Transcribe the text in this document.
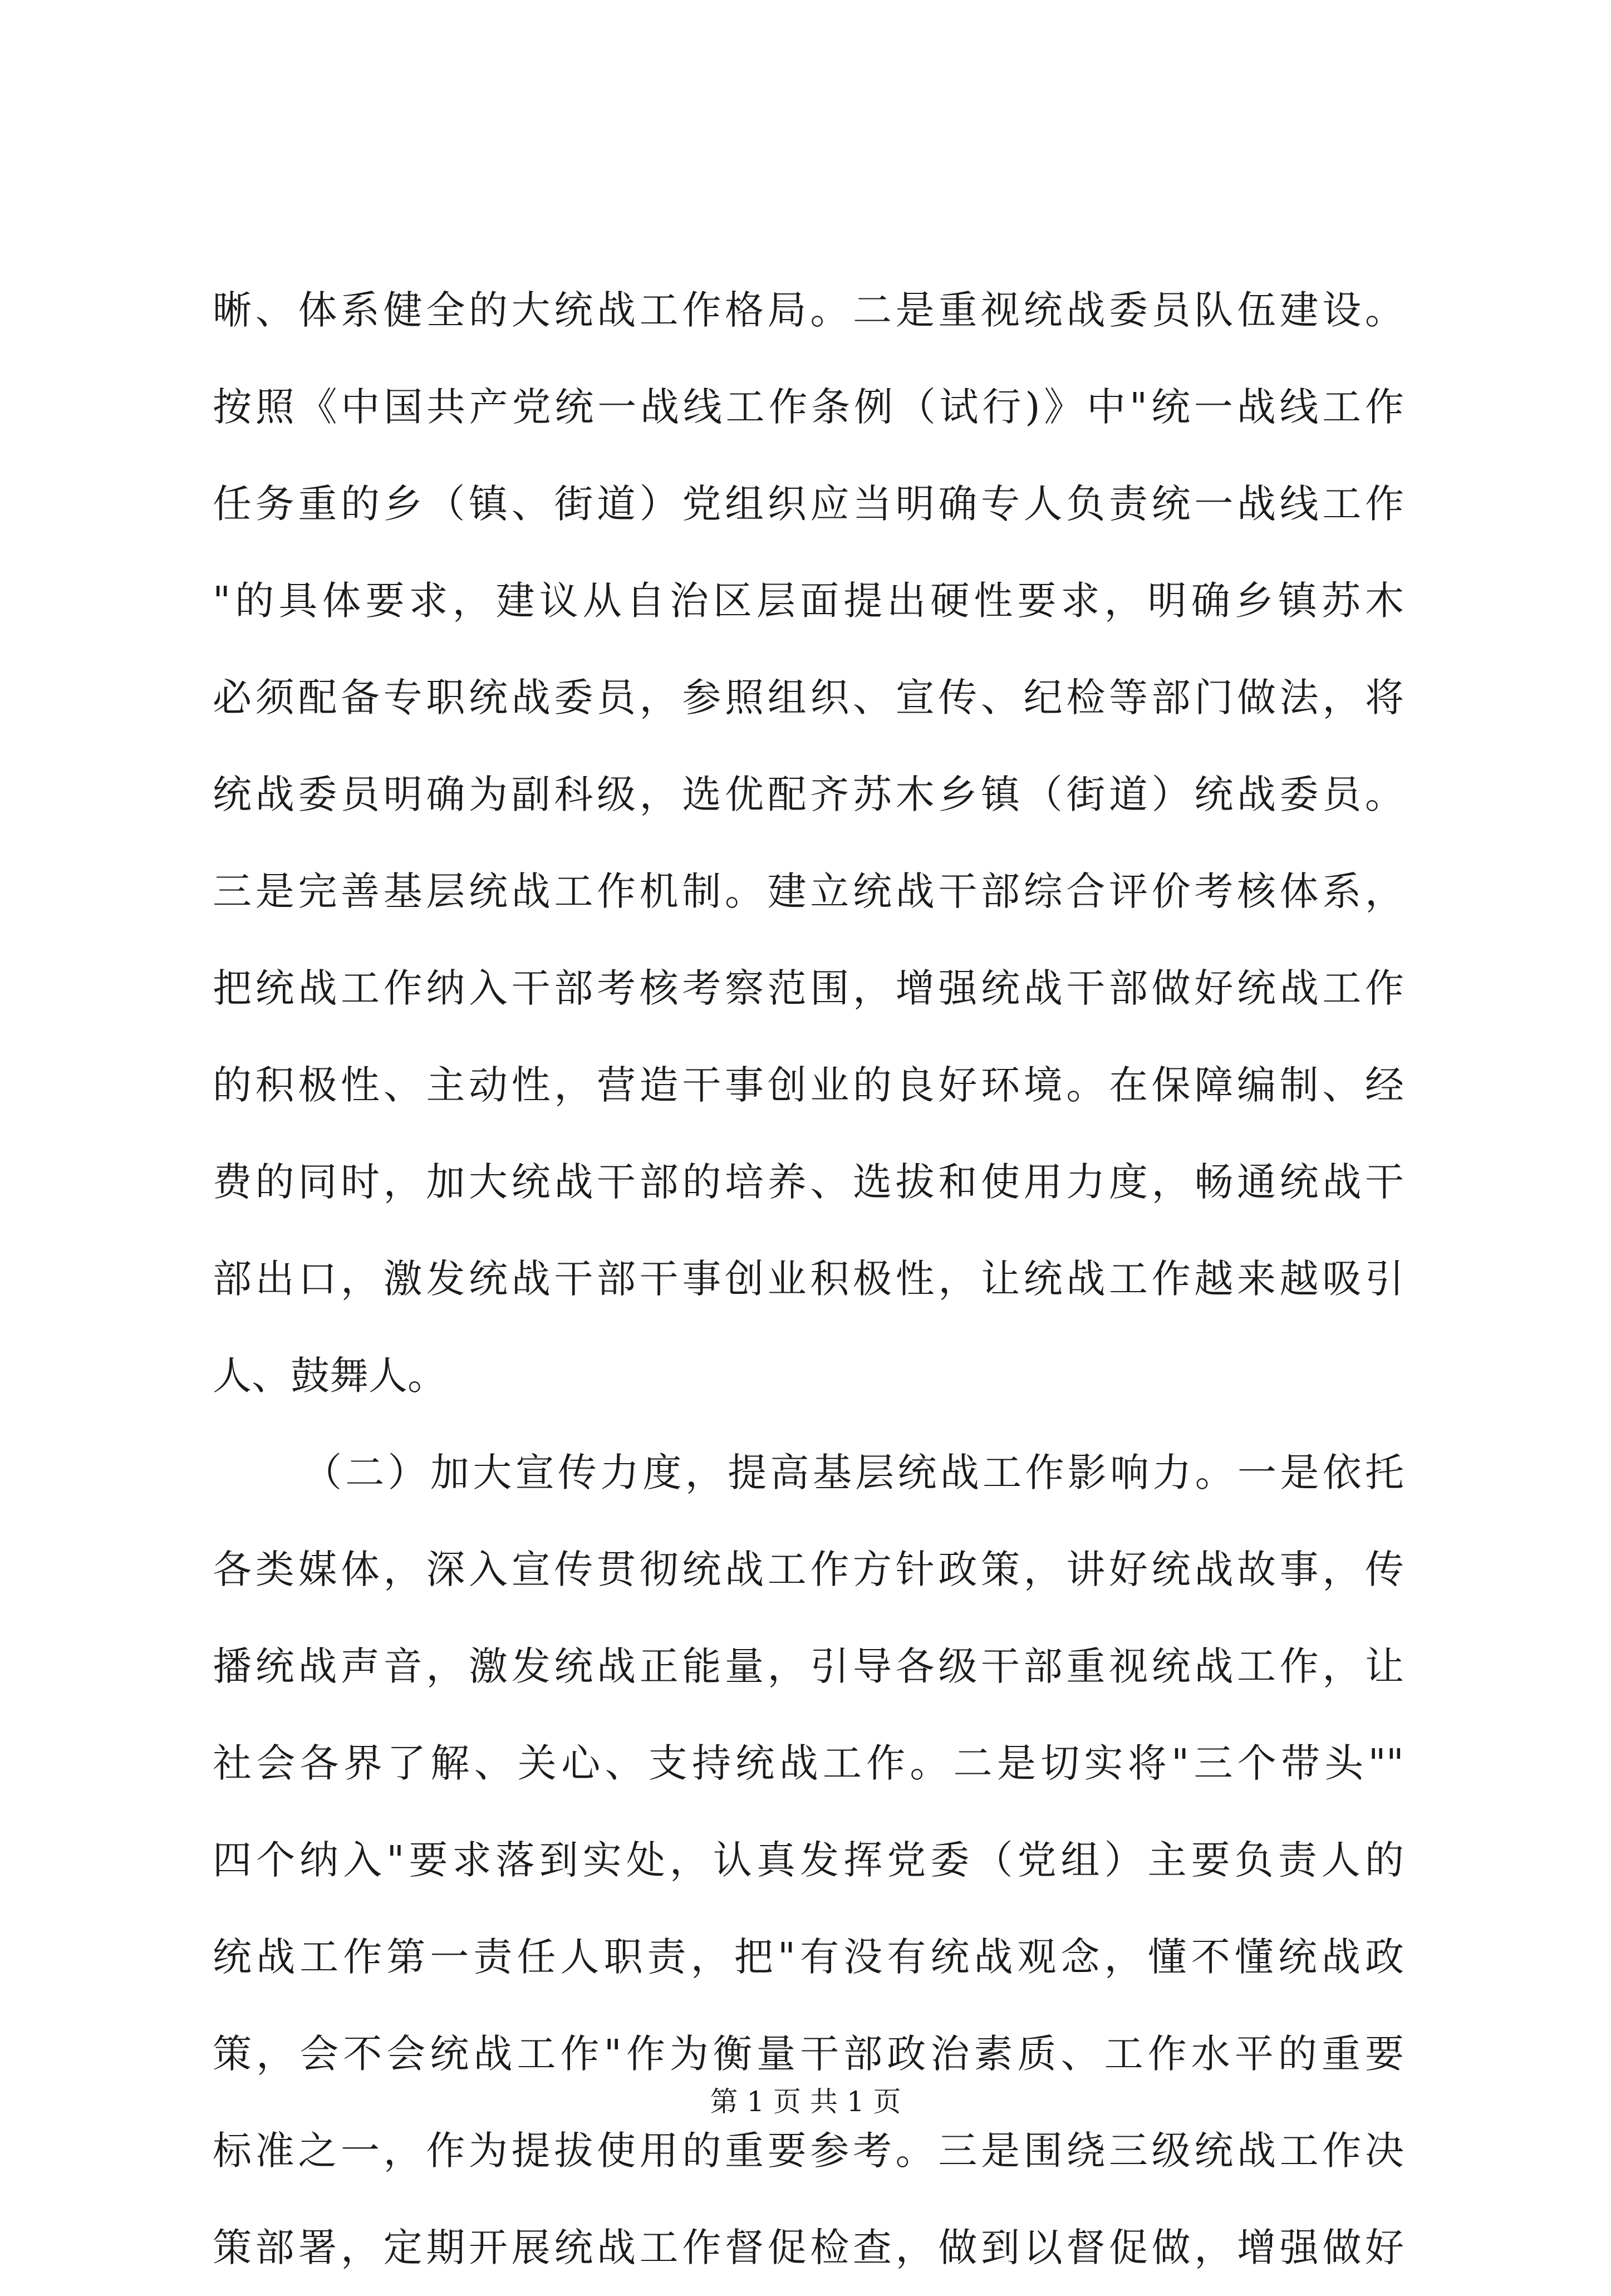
晰、体系健全的大统战工作格局。二是重视统战委员队伍建设。
按照《中国共产党统一战线工作条例（试行)》中"统一战线工作
任务重的乡（镇、街道）党组织应当明确专人负责统一战线工作
"的具体要求，建议从自治区层面提出硬性要求，明确乡镇苏木
必须配备专职统战委员，参照组织、宣传、纪检等部门做法，将
统战委员明确为副科级，选优配齐苏木乡镇（街道）统战委员。
三是完善基层统战工作机制。建立统战干部综合评价考核体系，
把统战工作纳入干部考核考察范围，增强统战干部做好统战工作
的积极性、主动性，营造干事创业的良好环境。在保障编制、经
费的同时，加大统战干部的培养、选拔和使用力度，畅通统战干
部出口，激发统战干部干事创业积极性，让统战工作越来越吸引
人、鼓舞人。
（二）加大宣传力度，提高基层统战工作影响力。一是依托
各类媒体，深入宣传贯彻统战工作方针政策，讲好统战故事，传
播统战声音，激发统战正能量，引导各级干部重视统战工作，让
社会各界了解、关心、支持统战工作。二是切实将"三个带头""
四个纳入"要求落到实处，认真发挥党委（党组）主要负责人的
统战工作第一责任人职责，把"有没有统战观念，懂不懂统战政
策，会不会统战工作"作为衡量干部政治素质、工作水平的重要
标准之一，作为提拔使用的重要参考。三是围绕三级统战工作决
策部署，定期开展统战工作督促检查，做到以督促做，增强做好
第 1 页 共 1 页
